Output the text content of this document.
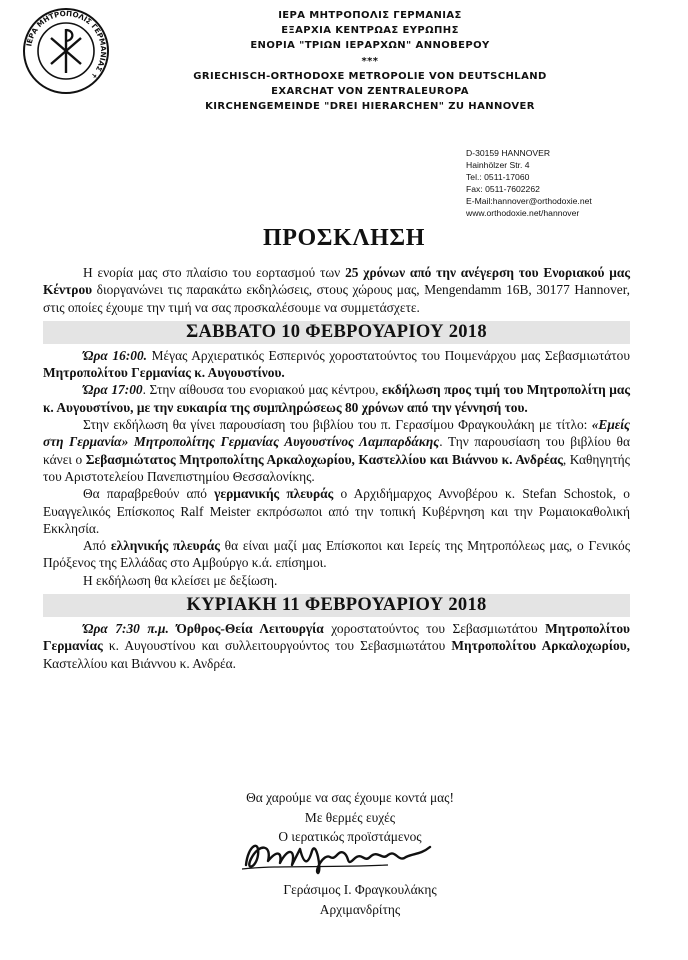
ΙΕΡΑ ΜΗΤΡΟΠΟΛΙΣ ΓΕΡΜΑΝΙΑΣ ✝
ΙΕΡΑ ΜΗΤΡΟΠΟΛΙΣ ΓΕΡΜΑΝΙΑΣ
ΕΞΑΡΧΙΑ ΚΕΝΤΡΩΑΣ ΕΥΡΩΠΗΣ
ΕΝΟΡΙΑ "ΤΡΙΩΝ ΙΕΡΑΡΧΩΝ" ΑΝΝΟΒΕΡΟΥ
***
GRIECHISCH-ORTHODOXE METROPOLIE VON DEUTSCHLAND
EXARCHAT VON ZENTRALEUROPA
KIRCHENGEMEINDE "DREI HIERARCHEN" ZU HANNOVER
D-30159 HANNOVER
Hainhölzer Str. 4
Tel.: 0511-17060
Fax: 0511-7602262
E-Mail:hannover@orthodoxie.net
www.orthodoxie.net/hannover
ΠΡΟΣΚΛΗΣΗ

Η ενορία μας στο πλαίσιο του εορτασμού των 25 χρόνων από την ανέγερση του Ενοριακού μας Κέντρου διοργανώνει τις παρακάτω εκδηλώσεις, στους χώρους μας, Mengendamm 16B, 30177 Hannover, στις οποίες έχουμε την τιμή να σας προσκαλέσουμε να συμμετάσχετε.

ΣΑΒΒΑΤΟ 10 ΦΕΒΡΟΥΑΡΙΟΥ 2018

Ώρα 16:00. Μέγας Αρχιερατικός Εσπερινός χοροστατούντος του Ποιμενάρχου μας Σεβασμιωτάτου Μητροπολίτου Γερμανίας κ. Αυγουστίνου.

Ώρα 17:00. Στην αίθουσα του ενοριακού μας κέντρου, εκδήλωση προς τιμή του Μητροπολίτη μας κ. Αυγουστίνου, με την ευκαιρία της συμπληρώσεως 80 χρόνων από την γέννησή του.

Στην εκδήλωση θα γίνει παρουσίαση του βιβλίου του π. Γερασίμου Φραγκουλάκη με τίτλο: «Εμείς στη Γερμανία» Μητροπολίτης Γερμανίας Αυγουστίνος Λαμπαρδάκης. Την παρουσίαση του βιβλίου θα κάνει ο Σεβασμιώτατος Μητροπολίτης Αρκαλοχωρίου, Καστελλίου και Βιάννου κ. Ανδρέας, Καθηγητής του Αριστοτελείου Πανεπιστημίου Θεσσαλονίκης.

Θα παραβρεθούν από γερμανικής πλευράς ο Αρχιδήμαρχος Αννοβέρου κ. Stefan Schostok, ο Ευαγγελικός Επίσκοπος Ralf Meister εκπρόσωποι από την τοπική Κυβέρνηση και την Ρωμαιοκαθολική Εκκλησία.

Από ελληνικής πλευράς θα είναι μαζί μας Επίσκοποι και Ιερείς της Μητροπόλεως μας, ο Γενικός Πρόξενος της Ελλάδας στο Αμβούργο κ.ά. επίσημοι.

Η εκδήλωση θα κλείσει με δεξίωση.

ΚΥΡΙΑΚΗ 11 ΦΕΒΡΟΥΑΡΙΟΥ 2018

Ώρα 7:30 π.μ. Όρθρος-Θεία Λειτουργία χοροστατούντος του Σεβασμιωτάτου Μητροπολίτου Γερμανίας κ. Αυγουστίνου και συλλειτουργούντος του Σεβασμιωτάτου Μητροπολίτου Αρκαλοχωρίου, Καστελλίου και Βιάννου κ. Ανδρέα.

Θα χαρούμε να σας έχουμε κοντά μας!
Με θερμές ευχές
Ο ιερατικώς προϊστάμενος
Γεράσιμος Ι. Φραγκουλάκης
Αρχιμανδρίτης
